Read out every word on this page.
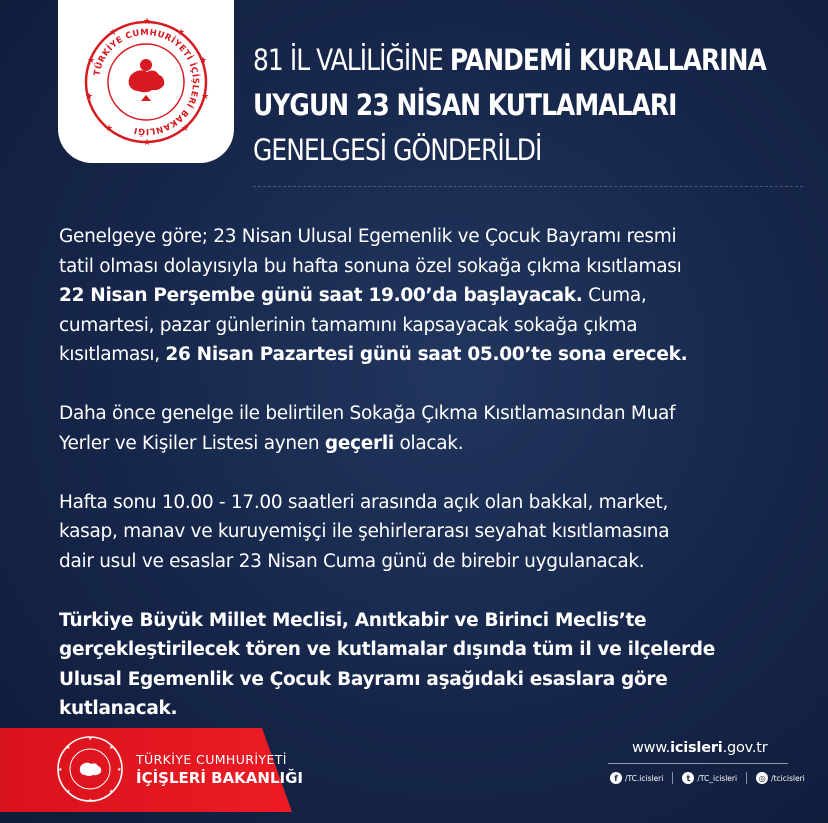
TÜRKİYE CUMHURİYETİ İÇİŞLERİ BAKANLIĞI
★
★
★
★
★
★
★
★
★
★
81 İL VALİLİĞİNE PANDEMİ KURALLARINA
UYGUN 23 NİSAN KUTLAMALARI
GENELGESİ GÖNDERİLDİ

Genelgeye göre; 23 Nisan Ulusal Egemenlik ve Çocuk Bayramı resmi
tatil olması dolayısıyla bu hafta sonuna özel sokağa çıkma kısıtlaması
22 Nisan Perşembe günü saat 19.00’da başlayacak. Cuma,
cumartesi, pazar günlerinin tamamını kapsayacak sokağa çıkma
kısıtlaması, 26 Nisan Pazartesi günü saat 05.00’te sona erecek.

Daha önce genelge ile belirtilen Sokağa Çıkma Kısıtlamasından Muaf
Yerler ve Kişiler Listesi aynen geçerli olacak.

Hafta sonu 10.00 - 17.00 saatleri arasında açık olan bakkal, market,
kasap, manav ve kuruyemişçi ile şehirlerarası seyahat kısıtlamasına
dair usul ve esaslar 23 Nisan Cuma günü de birebir uygulanacak.

Türkiye Büyük Millet Meclisi, Anıtkabir ve Birinci Meclis’te
gerçekleştirilecek tören ve kutlamalar dışında tüm il ve ilçelerde
Ulusal Egemenlik ve Çocuk Bayramı aşağıdaki esaslara göre
kutlanacak.

★
★
★
★
★
★
★
★
TÜRKİYE CUMHURİYETİ
İÇİŞLERİ BAKANLIĞI
www.icisleri.gov.tr
f /TC.icisleri	t /TC_icisleri	◎ /tcicisleri
